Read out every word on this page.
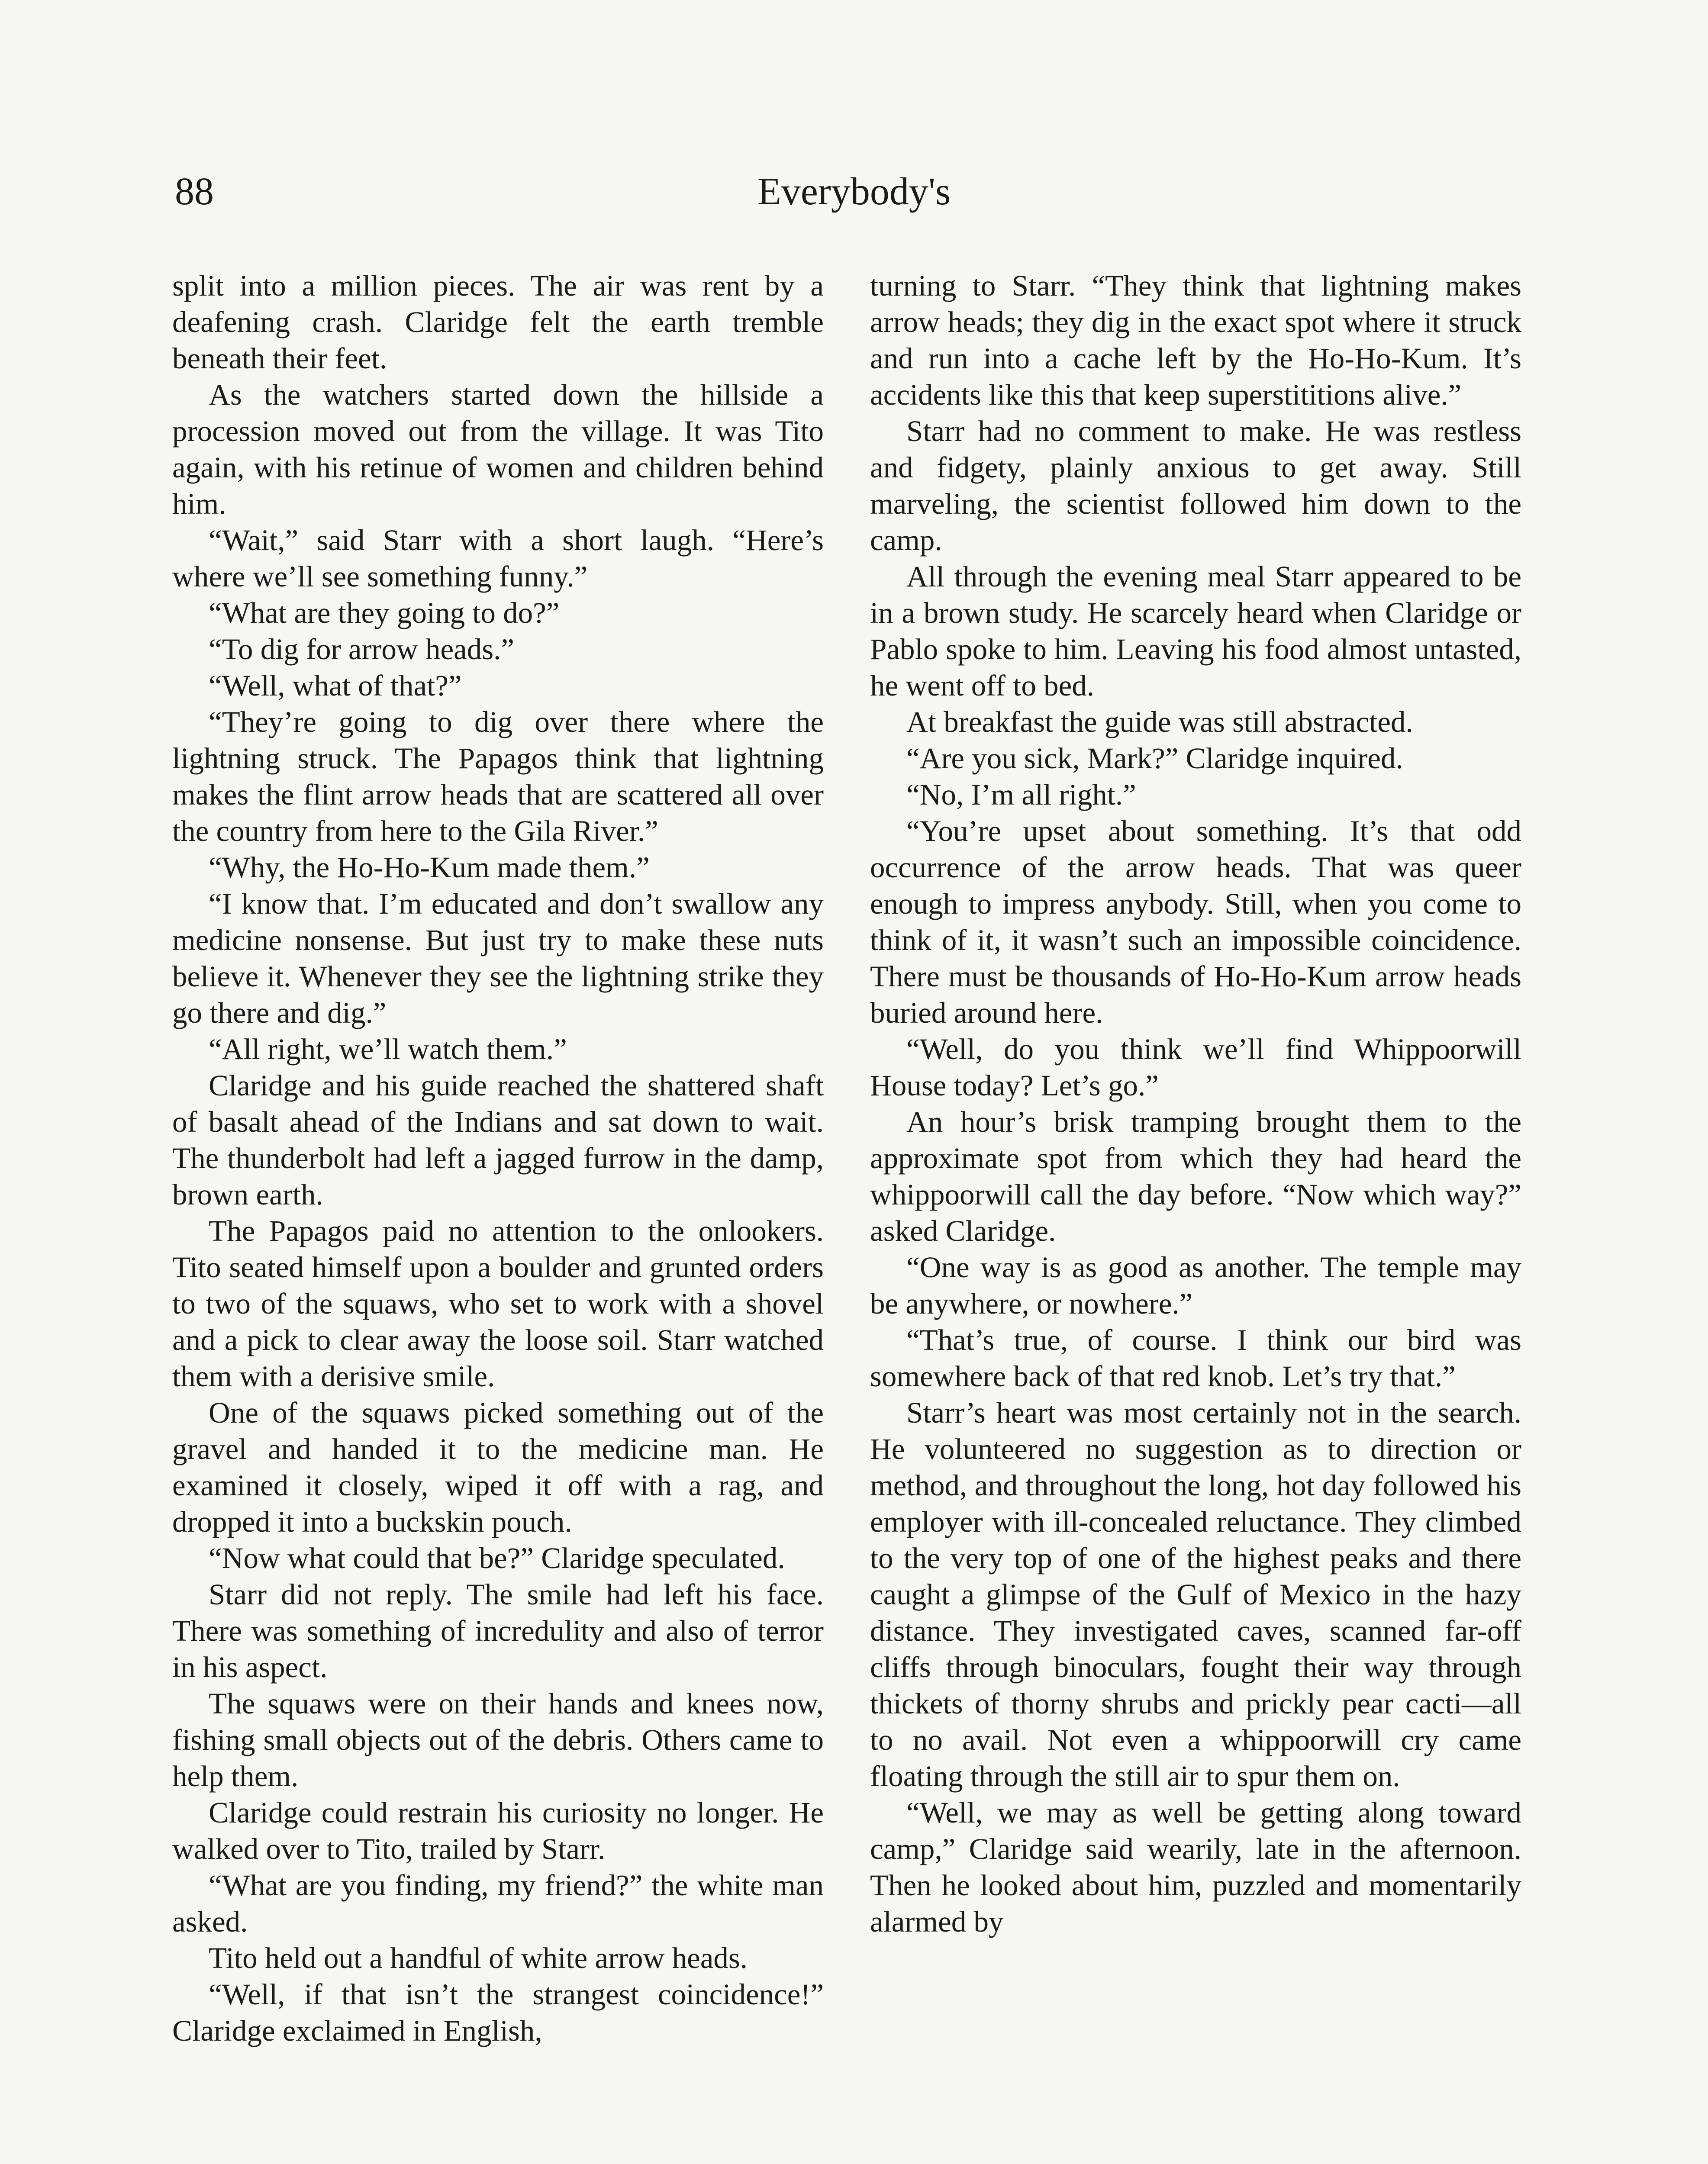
88	Everybody's

split into a million pieces. The air was rent by a deafening crash. Claridge felt the earth tremble beneath their feet.

As the watchers started down the hillside a procession moved out from the village. It was Tito again, with his retinue of women and children behind him.

“Wait,” said Starr with a short laugh. “Here’s where we’ll see something funny.”

“What are they going to do?”

“To dig for arrow heads.”

“Well, what of that?”

“They’re going to dig over there where the lightning struck. The Papagos think that lightning makes the flint arrow heads that are scattered all over the country from here to the Gila River.”

“Why, the Ho-Ho-Kum made them.”

“I know that. I’m educated and don’t swallow any medicine nonsense. But just try to make these nuts believe it. Whenever they see the lightning strike they go there and dig.”

“All right, we’ll watch them.”

Claridge and his guide reached the shattered shaft of basalt ahead of the Indians and sat down to wait. The thunderbolt had left a jagged furrow in the damp, brown earth.

The Papagos paid no attention to the onlookers. Tito seated himself upon a boulder and grunted orders to two of the squaws, who set to work with a shovel and a pick to clear away the loose soil. Starr watched them with a derisive smile.

One of the squaws picked something out of the gravel and handed it to the medicine man. He examined it closely, wiped it off with a rag, and dropped it into a buckskin pouch.

“Now what could that be?” Claridge speculated.

Starr did not reply. The smile had left his face. There was something of incredulity and also of terror in his aspect.

The squaws were on their hands and knees now, fishing small objects out of the debris. Others came to help them.

Claridge could restrain his curiosity no longer. He walked over to Tito, trailed by Starr.

“What are you finding, my friend?” the white man asked.

Tito held out a handful of white arrow heads.

“Well, if that isn’t the strangest coincidence!” Claridge exclaimed in English,

turning to Starr. “They think that lightning makes arrow heads; they dig in the exact spot where it struck and run into a cache left by the Ho-Ho-Kum. It’s accidents like this that keep superstititions alive.”

Starr had no comment to make. He was restless and fidgety, plainly anxious to get away. Still marveling, the scientist followed him down to the camp.

All through the evening meal Starr appeared to be in a brown study. He scarcely heard when Claridge or Pablo spoke to him. Leaving his food almost untasted, he went off to bed.

At breakfast the guide was still abstracted.

“Are you sick, Mark?” Claridge inquired.

“No, I’m all right.”

“You’re upset about something. It’s that odd occurrence of the arrow heads. That was queer enough to impress anybody. Still, when you come to think of it, it wasn’t such an impossible coincidence. There must be thousands of Ho-Ho-Kum arrow heads buried around here.

“Well, do you think we’ll find Whippoorwill House today? Let’s go.”

An hour’s brisk tramping brought them to the approximate spot from which they had heard the whippoorwill call the day before. “Now which way?” asked Claridge.

“One way is as good as another. The temple may be anywhere, or nowhere.”

“That’s true, of course. I think our bird was somewhere back of that red knob. Let’s try that.”

Starr’s heart was most certainly not in the search. He volunteered no suggestion as to direction or method, and throughout the long, hot day followed his employer with ill-concealed reluctance. They climbed to the very top of one of the highest peaks and there caught a glimpse of the Gulf of Mexico in the hazy distance. They investigated caves, scanned far-off cliffs through binoculars, fought their way through thickets of thorny shrubs and prickly pear cacti—all to no avail. Not even a whippoorwill cry came floating through the still air to spur them on.

“Well, we may as well be getting along toward camp,” Claridge said wearily, late in the afternoon. Then he looked about him, puzzled and momentarily alarmed by
